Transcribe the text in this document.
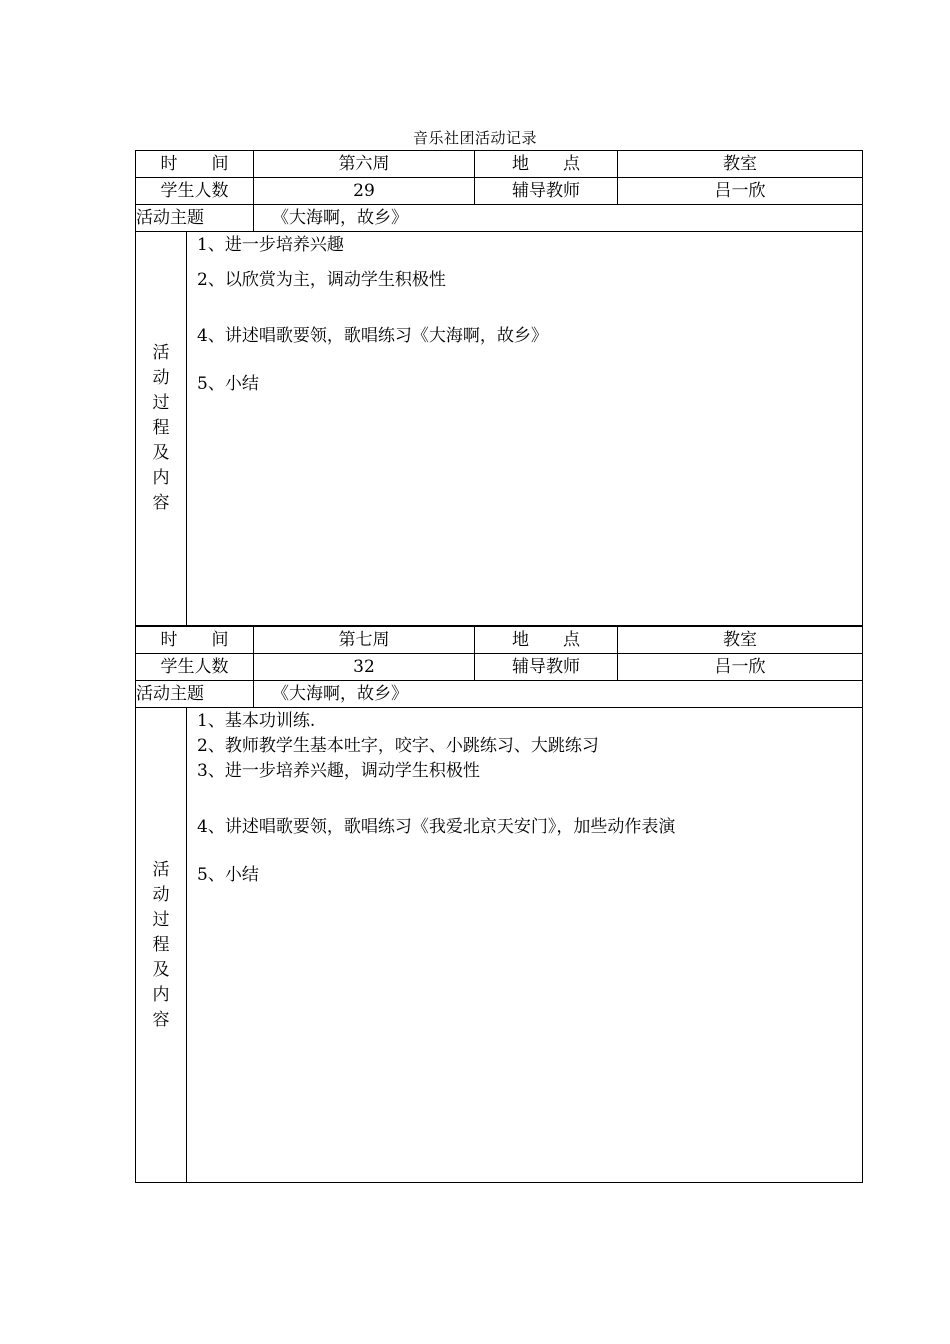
音乐社团活动记录
时　　间		第六周	地　　点	教室
学生人数		29	辅导教师	吕一欣
活动主题		《大海啊，故乡》		

活动过程及内容	1、进一步培养兴趣
2、以欣赏为主，调动学生积极性
4、讲述唱歌要领，歌唱练习《大海啊，故乡》
5、小结			
时　　间		第七周	地　　点	教室
学生人数		32	辅导教师	吕一欣
活动主题		《大海啊，故乡》		

活动过程及内容	1、基本功训练.
2、教师教学生基本吐字，咬字、小跳练习、大跳练习
3、进一步培养兴趣，调动学生积极性
4、讲述唱歌要领，歌唱练习《我爱北京天安门》，加些动作表演
5、小结			
